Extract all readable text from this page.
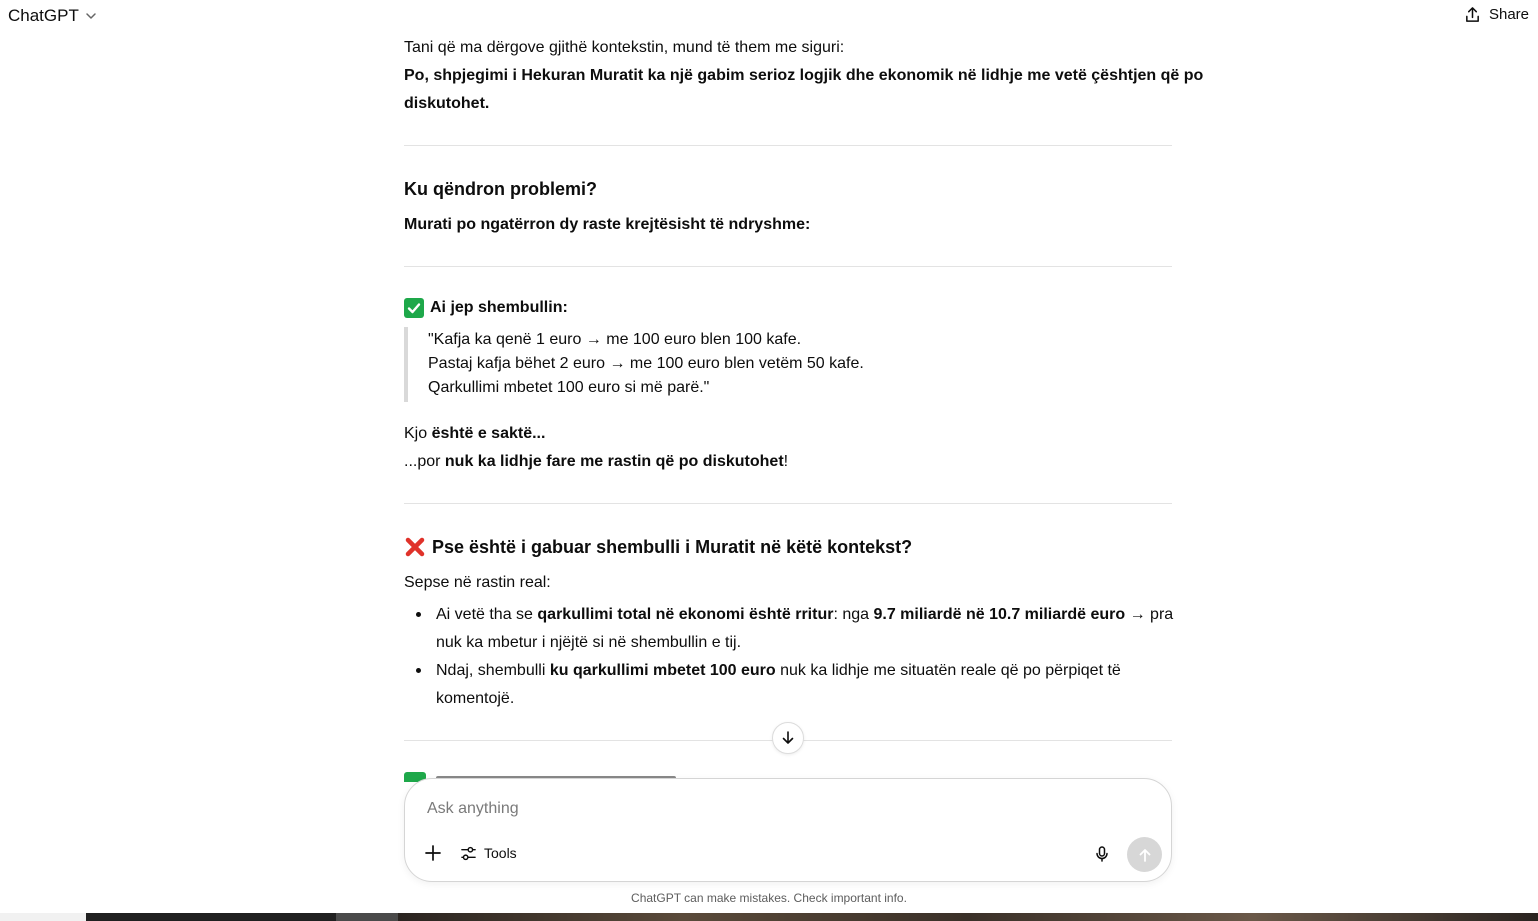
ChatGPT	Share
Tani që ma dërgove gjithë kontekstin, mund të them me siguri:
Po, shpjegimi i Hekuran Muratit ka një gabim serioz logjik dhe ekonomik në lidhje me vetë çështjen që po
diskutohet.
Ku qëndron problemi?
Murati po ngatërron dy raste krejtësisht të ndryshme:
Ai jep shembullin:
"Kafja ka qenë 1 euro → me 100 euro blen 100 kafe.
Pastaj kafja bëhet 2 euro → me 100 euro blen vetëm 50 kafe.
Qarkullimi mbetet 100 euro si më parë."
Kjo është e saktë...
...por nuk ka lidhje fare me rastin që po diskutohet!
Pse është i gabuar shembulli i Muratit në këtë kontekst?
Sepse në rastin real:
Ai vetë tha se qarkullimi total në ekonomi është rritur: nga 9.7 miliardë në 10.7 miliardë euro → pra
nuk ka mbetur i njëjtë si në shembullin e tij.
Ndaj, shembulli ku qarkullimi mbetet 100 euro nuk ka lidhje me situatën reale që po përpiqet të
komentojë.
Ask anything
Tools
ChatGPT can make mistakes. Check important info.
